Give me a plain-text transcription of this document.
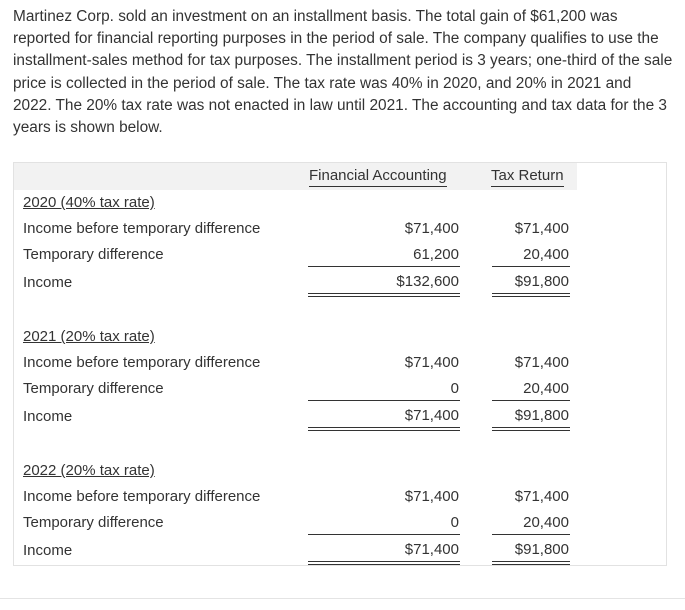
Martinez Corp. sold an investment on an installment basis. The total gain of $61,200 was reported for financial reporting purposes in the period of sale. The company qualifies to use the installment-sales method for tax purposes. The installment period is 3 years; one-third of the sale price is collected in the period of sale. The tax rate was 40% in 2020, and 20% in 2021 and 2022. The 20% tax rate was not enacted in law until 2021. The accounting and tax data for the 3 years is shown below.
Financial Accounting	Tax Return
2020 (40% tax rate)
Income before temporary difference	$71,400	$71,400
Temporary difference	61,200	20,400
Income	$132,600	$91,800
2021 (20% tax rate)
Income before temporary difference	$71,400	$71,400
Temporary difference	0	20,400
Income	$71,400	$91,800
2022 (20% tax rate)
Income before temporary difference	$71,400	$71,400
Temporary difference	0	20,400
Income	$71,400	$91,800
